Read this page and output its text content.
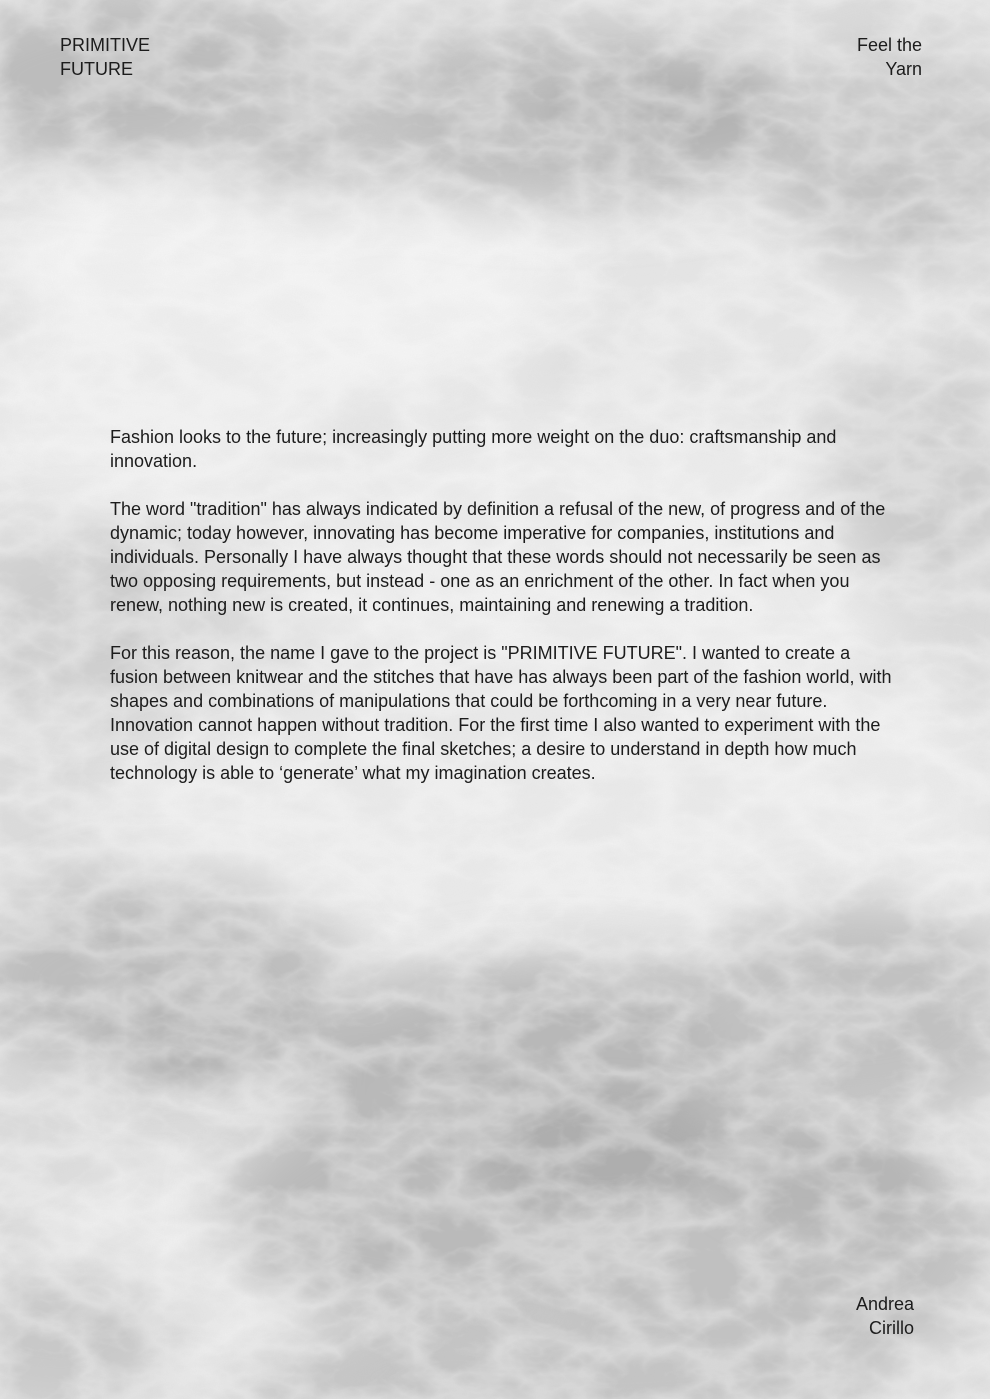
PRIMITIVE
FUTURE
Feel the
Yarn

Fashion looks to the future; increasingly putting more weight on the duo: craftsmanship and innovation.

The word "tradition" has always indicated by definition a refusal of the new, of progress and of the dynamic; today however, innovating has become imperative for companies, institutions and individuals. Personally I have always thought that these words should not necessarily be seen as two opposing requirements, but instead - one as an enrichment of the other. In fact when you renew, nothing new is created, it continues, maintaining and renewing a tradition.

For this reason, the name I gave to the project is "PRIMITIVE FUTURE". I wanted to create a fusion between knitwear and the stitches that have has always been part of the fashion world, with shapes and combinations of manipulations that could be forthcoming in a very near future.

Innovation cannot happen without tradition. For the first time I also wanted to experiment with the use of digital design to complete the final sketches; a desire to understand in depth how much technology is able to ‘generate’ what my imagination creates.

Andrea
Cirillo
